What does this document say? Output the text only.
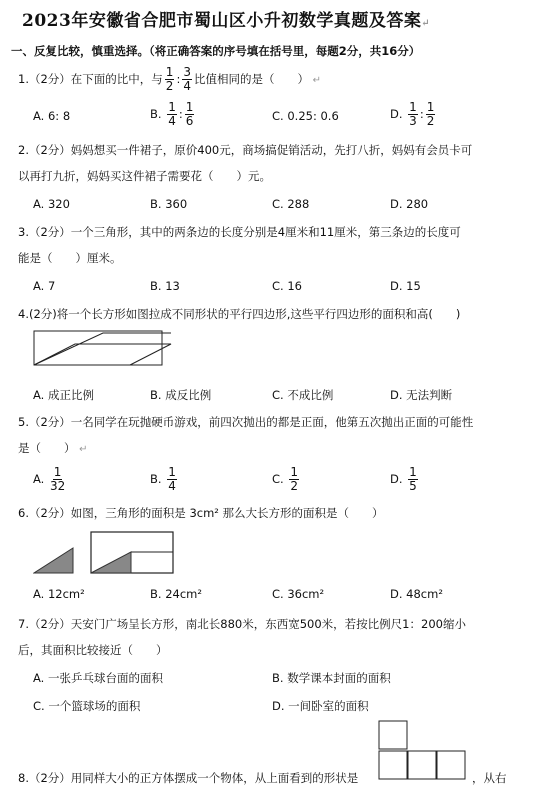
2023年安徽省合肥市蜀山区小升初数学真题及答案↵
一、反复比较，慎重选择。（将正确答案的序号填在括号里，每题2分，共16分）
1.（2分）在下面的比中，与 $\frac{1}{2}$ : $\frac{3}{4}$ 比值相同的是（　　） ↵
A. 6: 8	B. $\frac{1}{4}$ : $\frac{1}{6}$	C. 0.25: 0.6	D. $\frac{1}{3}$ : $\frac{1}{2}$
2.（2分）妈妈想买一件裙子，原价400元，商场搞促销活动，先打八折，妈妈有会员卡可
以再打九折，妈妈买这件裙子需要花（　　）元。
A. 320	B. 360	C. 288	D. 280
3.（2分）一个三角形，其中的两条边的长度分别是4厘米和11厘米，第三条边的长度可
能是（　　）厘米。
A. 7	B. 13	C. 16	D. 15
4.(2分)将一个长方形如图拉成不同形状的平行四边形,这些平行四边形的面积和高(　　)
A. 成正比例	B. 成反比例	C. 不成比例	D. 无法判断
5.（2分）一名同学在玩抛硬币游戏，前四次抛出的都是正面，他第五次抛出正面的可能性
是（　　） ↵
A. $\frac{1}{32}$	B. $\frac{1}{4}$	C. $\frac{1}{2}$	D. $\frac{1}{5}$
6.（2分）如图，三角形的面积是 3cm² 那么大长方形的面积是（　　）
A. 12cm²	B. 24cm²	C. 36cm²	D. 48cm²
7.（2分）天安门广场呈长方形，南北长880米，东西宽500米，若按比例尺1：200缩小
后，其面积比较接近（　　）
A. 一张乒乓球台面的面积	B. 数学课本封面的面积
C. 一个篮球场的面积	D. 一间卧室的面积
8.（2分）用同样大小的正方体摆成一个物体，从上面看到的形状是	，从右
